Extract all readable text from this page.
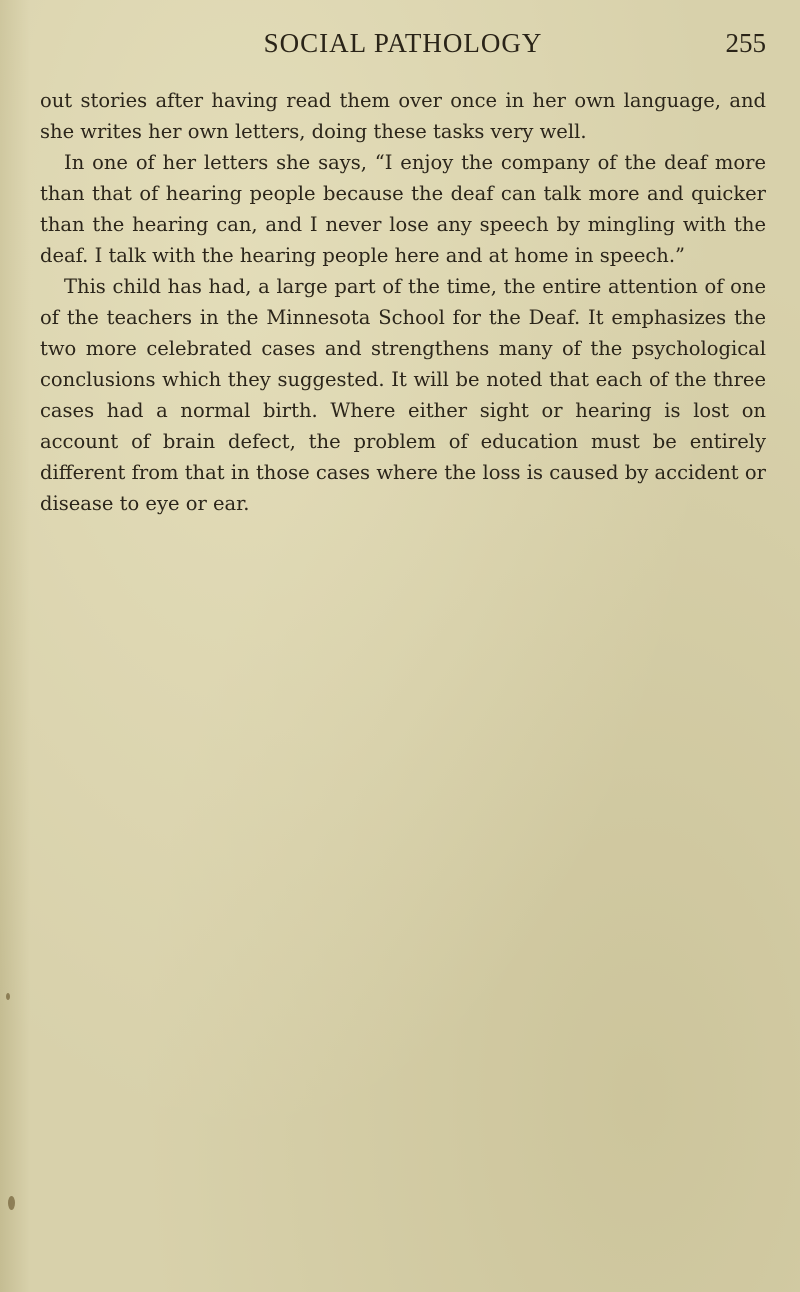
SOCIAL PATHOLOGY	255

out stories after having read them over once in her own language, and she writes her own letters, doing these tasks very well.

In one of her letters she says, “I enjoy the company of the deaf more than that of hearing people because the deaf can talk more and quicker than the hearing can, and I never lose any speech by mingling with the deaf. I talk with the hearing people here and at home in speech.”

This child has had, a large part of the time, the entire attention of one of the teachers in the Minnesota School for the Deaf. It emphasizes the two more celebrated cases and strengthens many of the psychological conclusions which they suggested. It will be noted that each of the three cases had a normal birth. Where either sight or hearing is lost on account of brain defect, the problem of education must be entirely different from that in those cases where the loss is caused by accident or disease to eye or ear.
